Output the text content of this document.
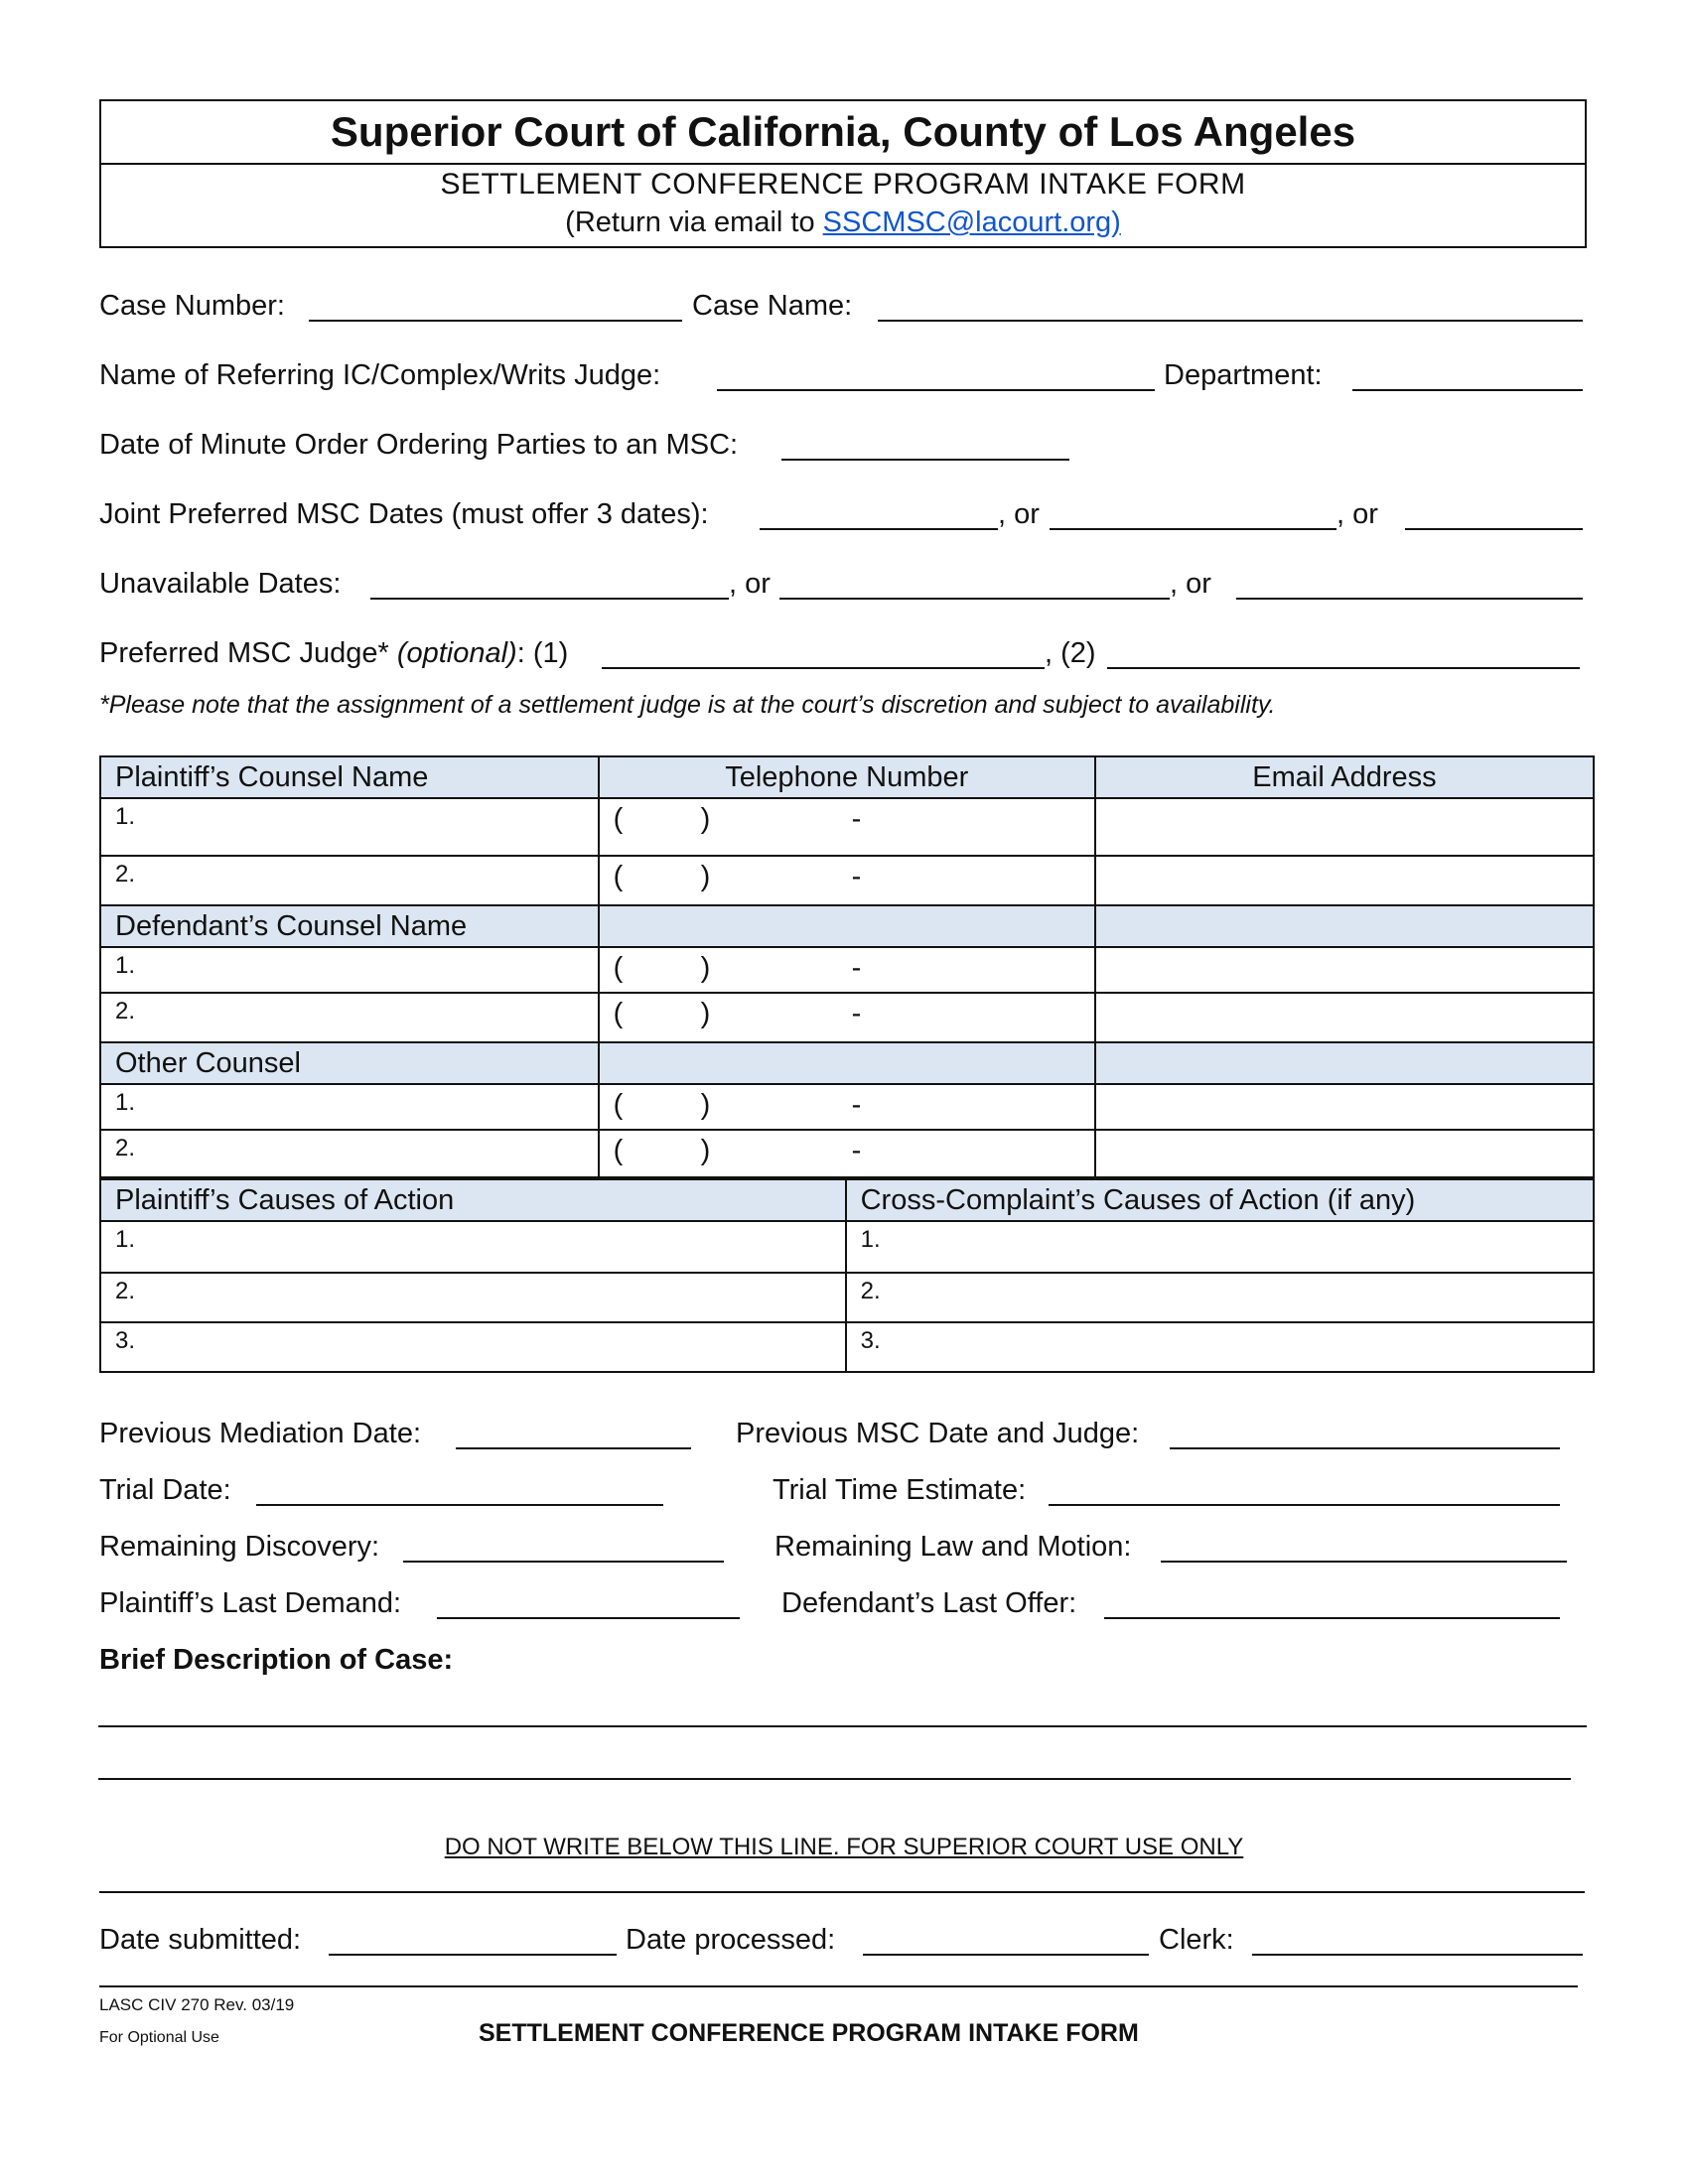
Superior Court of California, County of Los Angeles
SETTLEMENT CONFERENCE PROGRAM INTAKE FORM
(Return via email to SSCMSC@lacourt.org)
Case Number:	Case Name:
Name of Referring IC/Complex/Writs Judge:	Department:
Date of Minute Order Ordering Parties to an MSC:
Joint Preferred MSC Dates (must offer 3 dates):	, or	, or
Unavailable Dates:	, or	, or
Preferred MSC Judge* (optional): (1)	, (2)
*Please note that the assignment of a settlement judge is at the court’s discretion and subject to availability.
Plaintiff’s Counsel Name	Telephone Number	Email Address
1.	( ) -	

2.	( ) -	

Defendant’s Counsel Name		
1.	( ) -	

2.	( ) -	

Other Counsel		
1.	( ) -	

2.	( ) -	

Plaintiff’s Causes of Action	Cross-Complaint’s Causes of Action (if any)
1.	1.
2.	2.
3.	3.
Previous Mediation Date:	Previous MSC Date and Judge:
Trial Date:	Trial Time Estimate:
Remaining Discovery:	Remaining Law and Motion:
Plaintiff’s Last Demand:	Defendant’s Last Offer:
Brief Description of Case:
DO NOT WRITE BELOW THIS LINE. FOR SUPERIOR COURT USE ONLY
Date submitted:	Date processed:	Clerk:
LASC CIV 270 Rev. 03/19
For Optional Use	SETTLEMENT CONFERENCE PROGRAM INTAKE FORM
